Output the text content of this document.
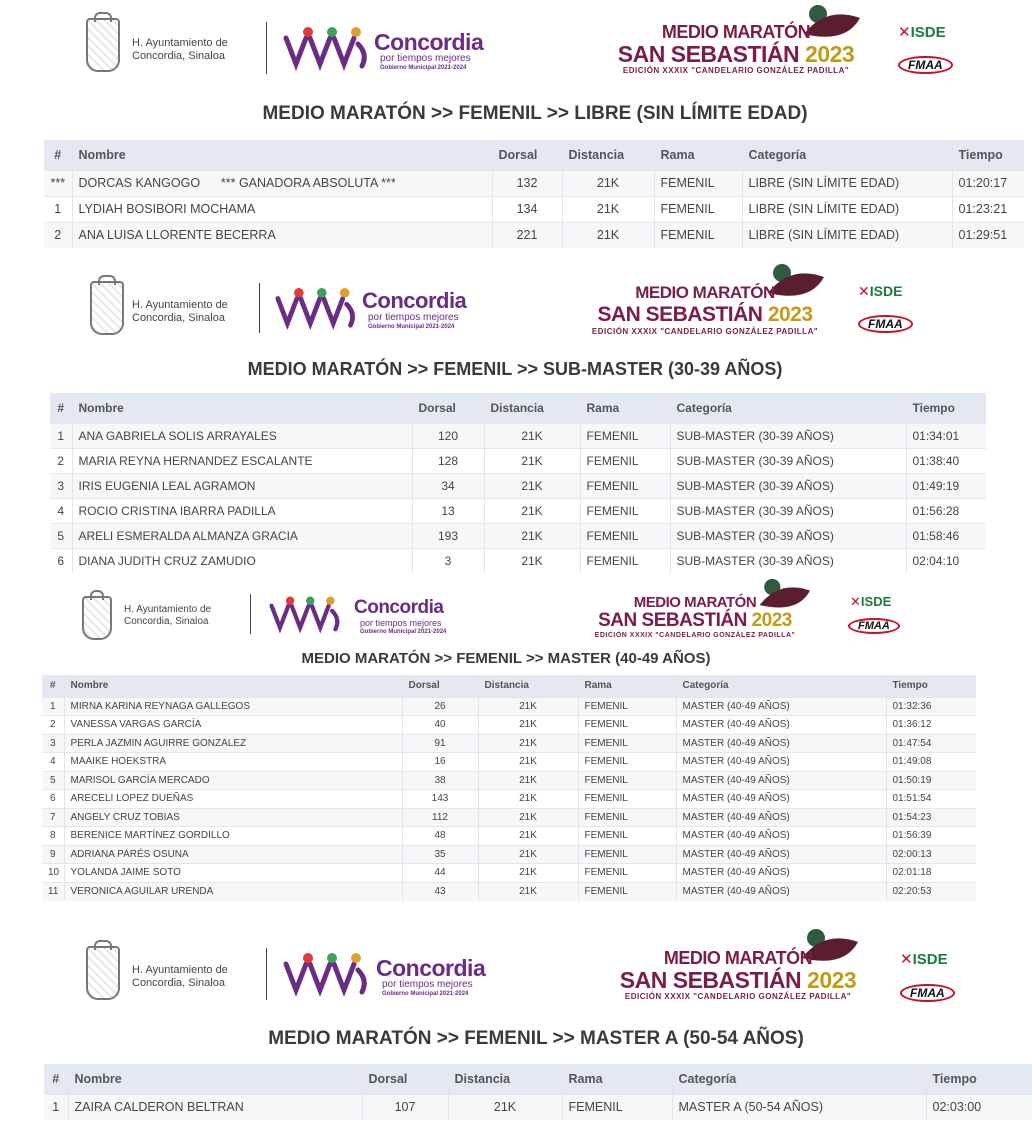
H. Ayuntamiento de
Concordia, Sinaloa
Concordia
por tiempos mejores
Gobierno Municipal 2021-2024
MEDIO MARATÓN
SAN SEBASTIÁN 2023
EDICIÓN XXXIX "CANDELARIO GONZÁLEZ PADILLA"
✕ISDE
FMAA
MEDIO MARATÓN >> FEMENIL >> LIBRE (SIN LÍMITE EDAD)
#	Nombre	Dorsal	Distancia	Rama	Categoría	Tiempo
***	DORCAS KANGOGO *** GANADORA ABSOLUTA ***	132	21K	FEMENIL	LIBRE (SIN LÍMITE EDAD)	01:20:17
1	LYDIAH BOSIBORI MOCHAMA	134	21K	FEMENIL	LIBRE (SIN LÍMITE EDAD)	01:23:21
2	ANA LUISA LLORENTE BECERRA	221	21K	FEMENIL	LIBRE (SIN LÍMITE EDAD)	01:29:51
H. Ayuntamiento de
Concordia, Sinaloa
Concordia
por tiempos mejores
Gobierno Municipal 2021-2024
MEDIO MARATÓN
SAN SEBASTIÁN 2023
EDICIÓN XXXIX "CANDELARIO GONZÁLEZ PADILLA"
✕ISDE
FMAA
MEDIO MARATÓN >> FEMENIL >> SUB-MASTER (30-39 AÑOS)
#	Nombre	Dorsal	Distancia	Rama	Categoría	Tiempo
1	ANA GABRIELA SOLIS ARRAYALES	120	21K	FEMENIL	SUB-MASTER (30-39 AÑOS)	01:34:01
2	MARIA REYNA HERNANDEZ ESCALANTE	128	21K	FEMENIL	SUB-MASTER (30-39 AÑOS)	01:38:40
3	IRIS EUGENIA LEAL AGRAMON	34	21K	FEMENIL	SUB-MASTER (30-39 AÑOS)	01:49:19
4	ROCIO CRISTINA IBARRA PADILLA	13	21K	FEMENIL	SUB-MASTER (30-39 AÑOS)	01:56:28
5	ARELI ESMERALDA ALMANZA GRACIA	193	21K	FEMENIL	SUB-MASTER (30-39 AÑOS)	01:58:46
6	DIANA JUDITH CRUZ ZAMUDIO	3	21K	FEMENIL	SUB-MASTER (30-39 AÑOS)	02:04:10
H. Ayuntamiento de
Concordia, Sinaloa
Concordia
por tiempos mejores
Gobierno Municipal 2021-2024
MEDIO MARATÓN
SAN SEBASTIÁN 2023
EDICIÓN XXXIX "CANDELARIO GONZÁLEZ PADILLA"
✕ISDE
FMAA
MEDIO MARATÓN >> FEMENIL >> MASTER (40-49 AÑOS)
#	Nombre	Dorsal	Distancia	Rama	Categoría	Tiempo
1	MIRNA KARINA REYNAGA GALLEGOS	26	21K	FEMENIL	MASTER (40-49 AÑOS)	01:32:36
2	VANESSA VARGAS GARCÍA	40	21K	FEMENIL	MASTER (40-49 AÑOS)	01:36:12
3	PERLA JAZMIN AGUIRRE GONZALEZ	91	21K	FEMENIL	MASTER (40-49 AÑOS)	01:47:54
4	MAAIKE HOEKSTRA	16	21K	FEMENIL	MASTER (40-49 AÑOS)	01:49:08
5	MARISOL GARCÍA MERCADO	38	21K	FEMENIL	MASTER (40-49 AÑOS)	01:50:19
6	ARECELI LOPEZ DUEÑAS	143	21K	FEMENIL	MASTER (40-49 AÑOS)	01:51:54
7	ANGELY CRUZ TOBIAS	112	21K	FEMENIL	MASTER (40-49 AÑOS)	01:54:23
8	BERENICE MARTÍNEZ GORDILLO	48	21K	FEMENIL	MASTER (40-49 AÑOS)	01:56:39
9	ADRIANA PARÉS OSUNA	35	21K	FEMENIL	MASTER (40-49 AÑOS)	02:00:13
10	YOLANDA JAIME SOTO	44	21K	FEMENIL	MASTER (40-49 AÑOS)	02:01:18
11	VERONICA AGUILAR URENDA	43	21K	FEMENIL	MASTER (40-49 AÑOS)	02:20:53
H. Ayuntamiento de
Concordia, Sinaloa
Concordia
por tiempos mejores
Gobierno Municipal 2021-2024
MEDIO MARATÓN
SAN SEBASTIÁN 2023
EDICIÓN XXXIX "CANDELARIO GONZÁLEZ PADILLA"
✕ISDE
FMAA
MEDIO MARATÓN >> FEMENIL >> MASTER A (50-54 AÑOS)
#	Nombre	Dorsal	Distancia	Rama	Categoría	Tiempo
1	ZAIRA CALDERON BELTRAN	107	21K	FEMENIL	MASTER A (50-54 AÑOS)	02:03:00
